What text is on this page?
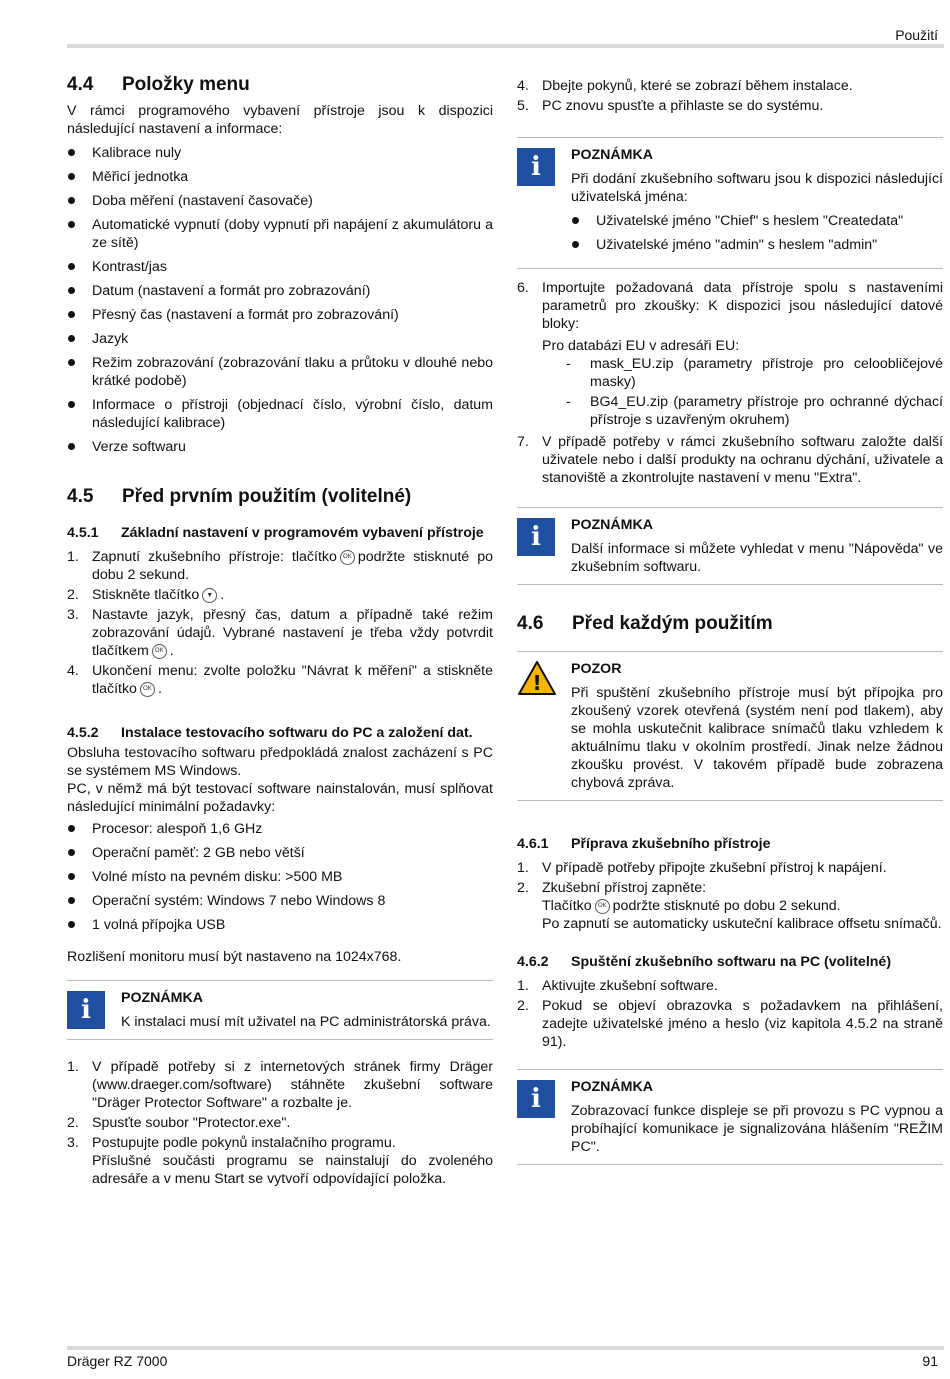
Použití
4.4	Položky menu

V rámci programového vybavení přístroje jsou k dispozici následující nastavení a informace:

Kalibrace nuly
Měřicí jednotka
Doba měření (nastavení časovače)
Automatické vypnutí (doby vypnutí při napájení z akumulátoru a ze sítě)
Kontrast/jas
Datum (nastavení a formát pro zobrazování)
Přesný čas (nastavení a formát pro zobrazování)
Jazyk
Režim zobrazování (zobrazování tlaku a průtoku v dlouhé nebo krátké podobě)
Informace o přístroji (objednací číslo, výrobní číslo, datum následující kalibrace)
Verze softwaru
4.5	Před prvním použitím (volitelné)
4.5.1	Základní nastavení v programovém vybavení přístroje
1. Zapnutí zkušebního přístroje: tlačítko OK podržte stisknuté po dobu 2 sekund.
2. Stiskněte tlačítko ▼ .
3. Nastavte jazyk, přesný čas, datum a případně také režim zobrazování údajů. Vybrané nastavení je třeba vždy potvrdit tlačítkem OK .
4. Ukončení menu: zvolte položku "Návrat k měření" a stiskněte tlačítko OK .
4.5.2	Instalace testovacího softwaru do PC a založení dat.

Obsluha testovacího softwaru předpokládá znalost zacházení s PC se systémem MS Windows.

PC, v němž má být testovací software nainstalován, musí splňovat následující minimální požadavky:

Procesor: alespoň 1,6 GHz
Operační paměť: 2 GB nebo větší
Volné místo na pevném disku: >500 MB
Operační systém: Windows 7 nebo Windows 8
1 volná přípojka USB

Rozlišení monitoru musí být nastaveno na 1024x768.

i	POZNÁMKA
K instalaci musí mít uživatel na PC administrátorská práva.
1. V případě potřeby si z internetových stránek firmy Dräger (www.draeger.com/software) stáhněte zkušební software "Dräger Protector Software" a rozbalte je.
2. Spusťte soubor "Protector.exe".
3. Postupujte podle pokynů instalačního programu.
Příslušné součásti programu se nainstalují do zvoleného adresáře a v menu Start se vytvoří odpovídající položka.
4. Dbejte pokynů, které se zobrazí během instalace.
5. PC znovu spusťte a přihlaste se do systému.
i	POZNÁMKA

Při dodání zkušebního softwaru jsou k dispozici následující uživatelská jména:

Uživatelské jméno "Chief" s heslem "Createdata"
Uživatelské jméno "admin" s heslem "admin"
6. Importujte požadovaná data přístroje spolu s nastaveními parametrů pro zkoušky: K dispozici jsou následující datové bloky:
Pro databázi EU v adresáři EU:
-	mask_EU.zip (parametry přístroje pro celoobličejové masky)
-	BG4_EU.zip (parametry přístroje pro ochranné dýchací přístroje s uzavřeným okruhem)
7. V případě potřeby v rámci zkušebního softwaru založte další uživatele nebo i další produkty na ochranu dýchání, uživatele a stanoviště a zkontrolujte nastavení v menu "Extra".
i	POZNÁMKA

Další informace si můžete vyhledat v menu "Nápověda" ve zkušebním softwaru.

4.6	Před každým použitím
!
POZOR

Při spuštění zkušebního přístroje musí být přípojka pro zkoušený vzorek otevřená (systém není pod tlakem), aby se mohla uskutečnit kalibrace snímačů tlaku vzhledem k aktuálnímu tlaku v okolním prostředí. Jinak nelze žádnou zkoušku provést. V takovém případě bude zobrazena chybová zpráva.

4.6.1	Příprava zkušebního přístroje
1. V případě potřeby připojte zkušební přístroj k napájení.
2. Zkušební přístroj zapněte:
Tlačítko OK podržte stisknuté po dobu 2 sekund.
Po zapnutí se automaticky uskuteční kalibrace offsetu snímačů.
4.6.2	Spuštění zkušebního softwaru na PC (volitelné)
1. Aktivujte zkušební software.
2. Pokud se objeví obrazovka s požadavkem na přihlášení, zadejte uživatelské jméno a heslo (viz kapitola 4.5.2 na straně 91).
i	POZNÁMKA

Zobrazovací funkce displeje se při provozu s PC vypnou a probíhající komunikace je signalizována hlášením "REŽIM PC".

Dräger RZ 7000	91
